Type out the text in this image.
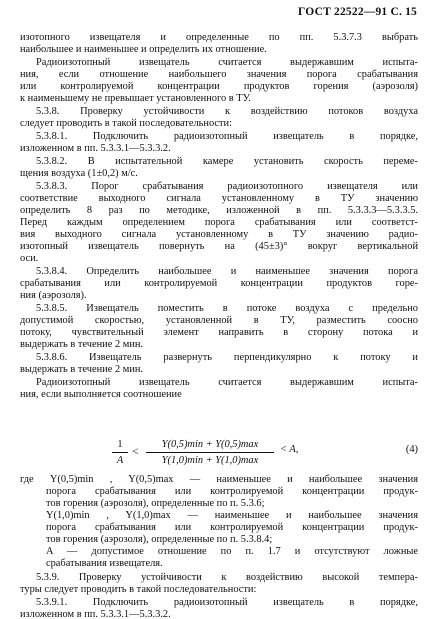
ГОСТ 22522—91 С. 15
изотопного извещателя и определенные по пп. 5.3.7.3 выбрать
наибольшее и наименьшее и определить их отношение.
Радиоизотопный извещатель считается выдержавшим испыта-
ния, если отношение наибольшего значения порога срабатывания
или контролируемой концентрации продуктов горения (аэрозоля)
к наименьшему не превышает установленного в ТУ.
5.3.8. Проверку устойчивости к воздействию потоков воздуха
следует проводить в такой последовательности:
5.3.8.1. Подключить радиоизотопный извещатель в порядке,
изложенном в пп. 5.3.3.1—5.3.3.2.
5.3.8.2. В испытательной камере установить скорость переме-
щения воздуха (1±0,2) м/с.
5.3.8.3. Порог срабатывания радиоизотопного извещателя или
соответствие выходного сигнала установленному в ТУ значению
определить 8 раз по методике, изложенной в пп. 5.3.3.3—5.3.3.5.
Перед каждым определением порога срабатывания или соответст-
вия выходного сигнала установленному в ТУ значению радио-
изотопный извещатель повернуть на (45±3)° вокруг вертикальной
оси.
5.3.8.4. Определить наибольшее и наименьшее значения порога
срабатывания или контролируемой концентрации продуктов горе-
ния (аэрозоля).
5.3.8.5. Извещатель поместить в потоке воздуха с предельно
допустимой скоростью, установленной в ТУ, разместить соосно
потоку, чувствительный элемент направить в сторону потока и
выдержать в течение 2 мин.
5.3.8.6. Извещатель развернуть перпендикулярно к потоку и
выдержать в течение 2 мин.
Радиоизотопный извещатель считается выдержавшим испыта-
ния, если выполняется соотношение
1
A
<	Y(0,5)min + Y(0,5)max
Y(1,0)min + Y(1,0)max
< A,	(4)
где Y(0,5)min , Y(0,5)max — наименьшее и наибольшее значения
порога срабатывания или контролируемой концентрации продук-
тов горения (аэрозоля), определенные по п. 5.3.6;
Y(1,0)min , Y(1,0)max — наименьшее и наибольшее значения
порога срабатывания или контролируемой концентрации продук-
тов горения (аэрозоля), определенные по п. 5.3.8.4;
A — допустимое отношение по п. 1.7 и отсутствуют ложные
срабатывания извещателя.
5.3.9. Проверку устойчивости к воздействию высокой темпера-
туры следует проводить в такой последовательности:
5.3.9.1. Подключить радиоизотопный извещатель в порядке,
изложенном в пп. 5.3.3.1—5.3.3.2.
